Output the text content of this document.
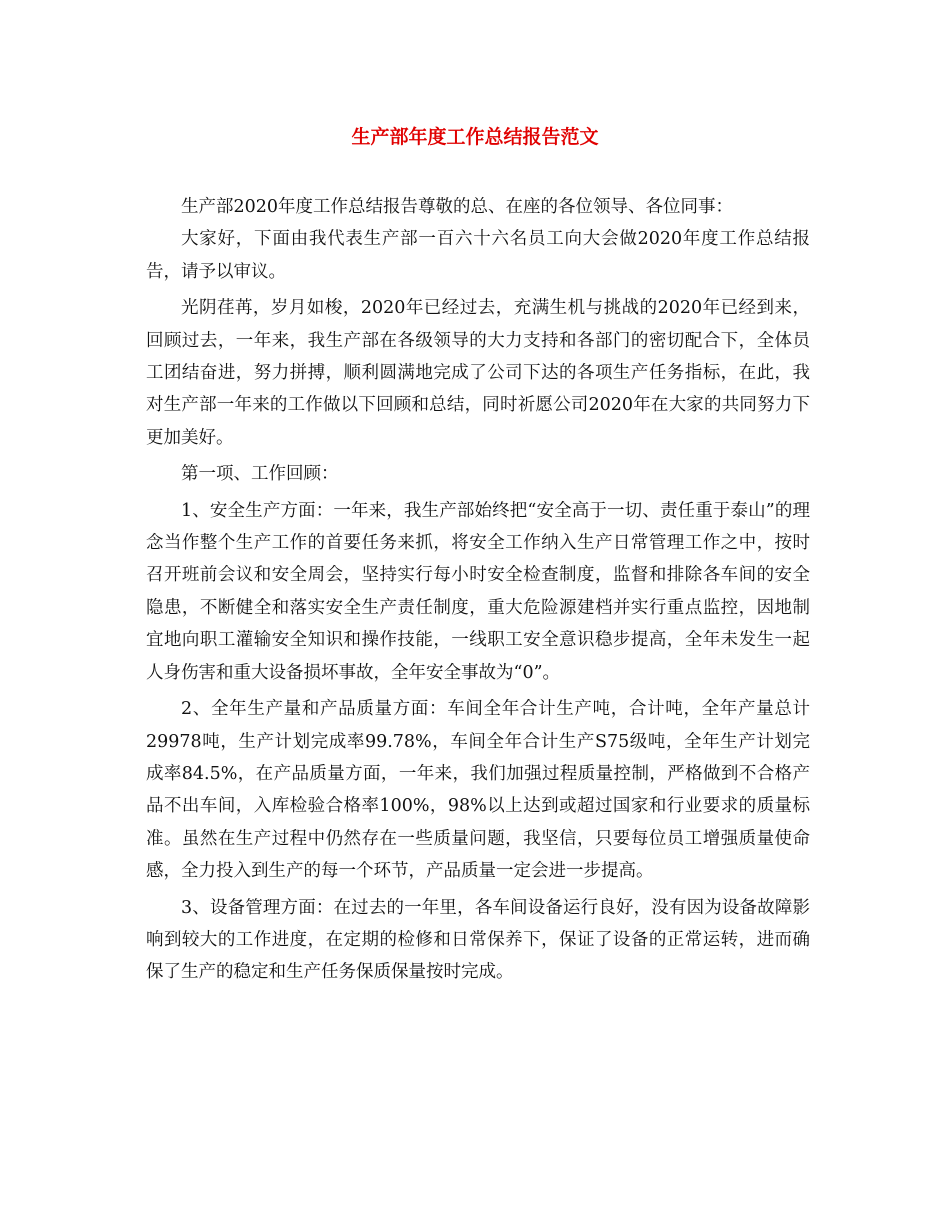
生产部年度工作总结报告范文

生产部2020年度工作总结报告尊敬的总、在座的各位领导、各位同事：

大家好，下面由我代表生产部一百六十六名员工向大会做2020年度工作总结报告，请予以审议。

光阴荏苒，岁月如梭，2020年已经过去，充满生机与挑战的2020年已经到来，回顾过去，一年来，我生产部在各级领导的大力支持和各部门的密切配合下，全体员工团结奋进，努力拼搏，顺利圆满地完成了公司下达的各项生产任务指标，在此，我对生产部一年来的工作做以下回顾和总结，同时祈愿公司2020年在大家的共同努力下更加美好。

第一项、工作回顾：

1、安全生产方面：一年来，我生产部始终把“安全高于一切、责任重于泰山”的理念当作整个生产工作的首要任务来抓，将安全工作纳入生产日常管理工作之中，按时召开班前会议和安全周会，坚持实行每小时安全检查制度，监督和排除各车间的安全隐患，不断健全和落实安全生产责任制度，重大危险源建档并实行重点监控，因地制宜地向职工灌输安全知识和操作技能，一线职工安全意识稳步提高，全年未发生一起人身伤害和重大设备损坏事故，全年安全事故为“0”。

2、全年生产量和产品质量方面：车间全年合计生产吨，合计吨，全年产量总计29978吨，生产计划完成率99.78%，车间全年合计生产S75级吨，全年生产计划完成率84.5%，在产品质量方面，一年来，我们加强过程质量控制，严格做到不合格产品不出车间，入库检验合格率100%，98%以上达到或超过国家和行业要求的质量标准。虽然在生产过程中仍然存在一些质量问题，我坚信，只要每位员工增强质量使命感，全力投入到生产的每一个环节，产品质量一定会进一步提高。

3、设备管理方面：在过去的一年里，各车间设备运行良好，没有因为设备故障影响到较大的工作进度，在定期的检修和日常保养下，保证了设备的正常运转，进而确保了生产的稳定和生产任务保质保量按时完成。
